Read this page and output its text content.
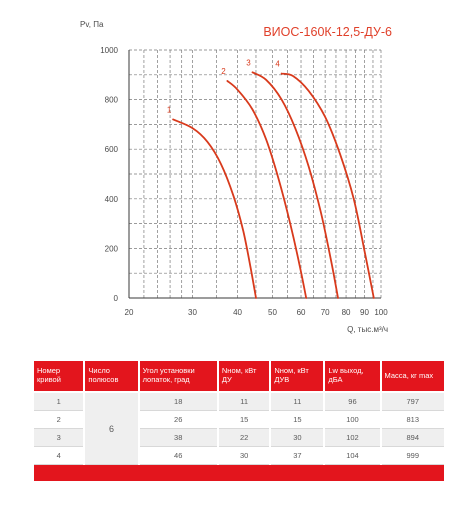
1
2
3	4
0
200
400
600
800
1000
20	30	40	50 60 70 80 90 100
ВИОС-160К-12,5-ДУ-6
Pv, Па
Q, тыс.м³/ч
Номер кривой	Число полюсов	Угол установки лопаток, град	Nном, кВт ДУ	Nном, кВт ДУВ	Lw выход, дБА	Масса, кг max
1	6	18	11	11	96	797
2		26	15	15	100	813
3		38	22	30	102	894
4		46	30	37	104	999
